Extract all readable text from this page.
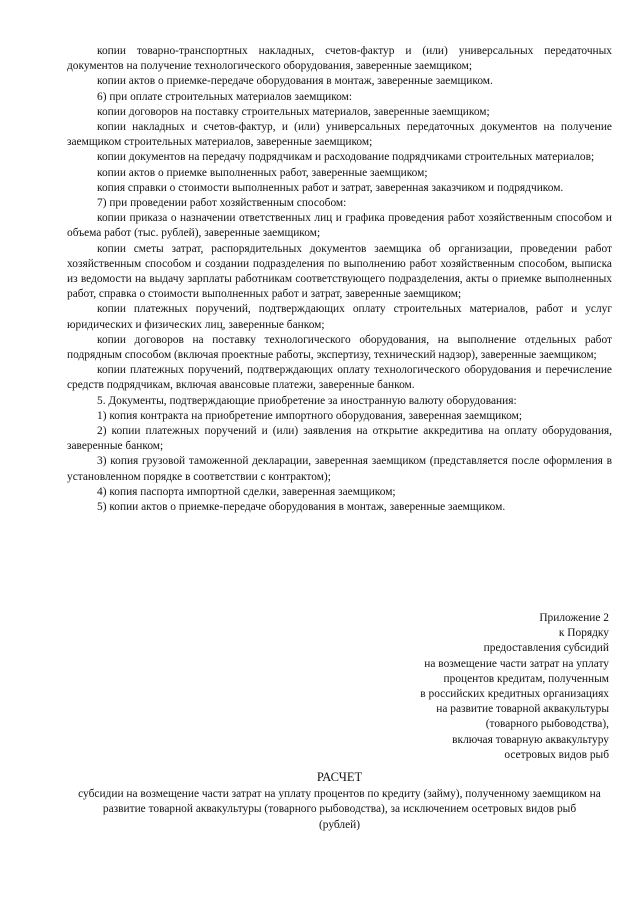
копии товарно-транспортных накладных, счетов-фактур и (или) универсальных передаточных документов на получение технологического оборудования, заверенные заемщиком;

копии актов о приемке-передаче оборудования в монтаж, заверенные заемщиком.

6) при оплате строительных материалов заемщиком:

копии договоров на поставку строительных материалов, заверенные заемщиком;

копии накладных и счетов-фактур, и (или) универсальных передаточных документов на получение заемщиком строительных материалов, заверенные заемщиком;

копии документов на передачу подрядчикам и расходование подрядчиками строительных материалов;

копии актов о приемке выполненных работ, заверенные заемщиком;

копия справки о стоимости выполненных работ и затрат, заверенная заказчиком и подрядчиком.

7) при проведении работ хозяйственным способом:

копии приказа о назначении ответственных лиц и графика проведения работ хозяйственным способом и объема работ (тыс. рублей), заверенные заемщиком;

копии сметы затрат, распорядительных документов заемщика об организации, проведении работ хозяйственным способом и создании подразделения по выполнению работ хозяйственным способом, выписка из ведомости на выдачу зарплаты работникам соответствующего подразделения, акты о приемке выполненных работ, справка о стоимости выполненных работ и затрат, заверенные заемщиком;

копии платежных поручений, подтверждающих оплату строительных материалов, работ и услуг юридических и физических лиц, заверенные банком;

копии договоров на поставку технологического оборудования, на выполнение отдельных работ подрядным способом (включая проектные работы, экспертизу, технический надзор), заверенные заемщиком;

копии платежных поручений, подтверждающих оплату технологического оборудования и перечисление средств подрядчикам, включая авансовые платежи, заверенные банком.

5. Документы, подтверждающие приобретение за иностранную валюту оборудования:

1) копия контракта на приобретение импортного оборудования, заверенная заемщиком;

2) копии платежных поручений и (или) заявления на открытие аккредитива на оплату оборудования, заверенные банком;

3) копия грузовой таможенной декларации, заверенная заемщиком (представляется после оформления в установленном порядке в соответствии с контрактом);

4) копия паспорта импортной сделки, заверенная заемщиком;

5) копии актов о приемке-передаче оборудования в монтаж, заверенные заемщиком.

Приложение 2
к Порядку
предоставления субсидий
на возмещение части затрат на уплату
процентов кредитам, полученным
в российских кредитных организациях
на развитие товарной аквакультуры
(товарного рыбоводства),
включая товарную аквакультуру
осетровых видов рыб
РАСЧЕТ
субсидии на возмещение части затрат на уплату процентов по кредиту (займу), полученному заемщиком на развитие товарной аквакультуры (товарного рыбоводства), за исключением осетровых видов рыб
(рублей)
